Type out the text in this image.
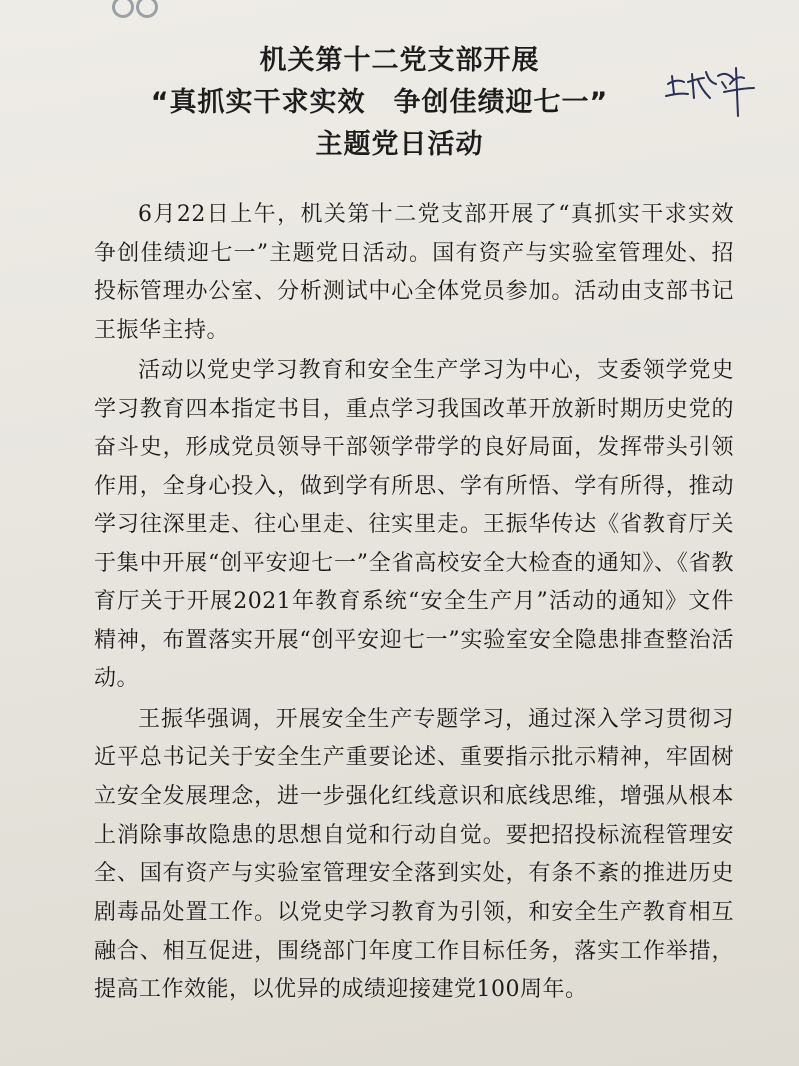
机关第十二党支部开展
“真抓实干求实效　争创佳绩迎七一”
主题党日活动

6月22日上午，机关第十二党支部开展了“真抓实干求实效　争创佳绩迎七一”主题党日活动。国有资产与实验室管理处、招投标管理办公室、分析测试中心全体党员参加。活动由支部书记王振华主持。

活动以党史学习教育和安全生产学习为中心，支委领学党史学习教育四本指定书目，重点学习我国改革开放新时期历史党的奋斗史，形成党员领导干部领学带学的良好局面，发挥带头引领作用，全身心投入，做到学有所思、学有所悟、学有所得，推动学习往深里走、往心里走、往实里走。王振华传达《省教育厅关于集中开展“创平安迎七一”全省高校安全大检查的通知》、《省教育厅关于开展2021年教育系统“安全生产月”活动的通知》文件精神，布置落实开展“创平安迎七一”实验室安全隐患排查整治活动。

王振华强调，开展安全生产专题学习，通过深入学习贯彻习近平总书记关于安全生产重要论述、重要指示批示精神，牢固树立安全发展理念，进一步强化红线意识和底线思维，增强从根本上消除事故隐患的思想自觉和行动自觉。要把招投标流程管理安全、国有资产与实验室管理安全落到实处，有条不紊的推进历史剧毒品处置工作。以党史学习教育为引领，和安全生产教育相互融合、相互促进，围绕部门年度工作目标任务，落实工作举措，提高工作效能，以优异的成绩迎接建党100周年。
